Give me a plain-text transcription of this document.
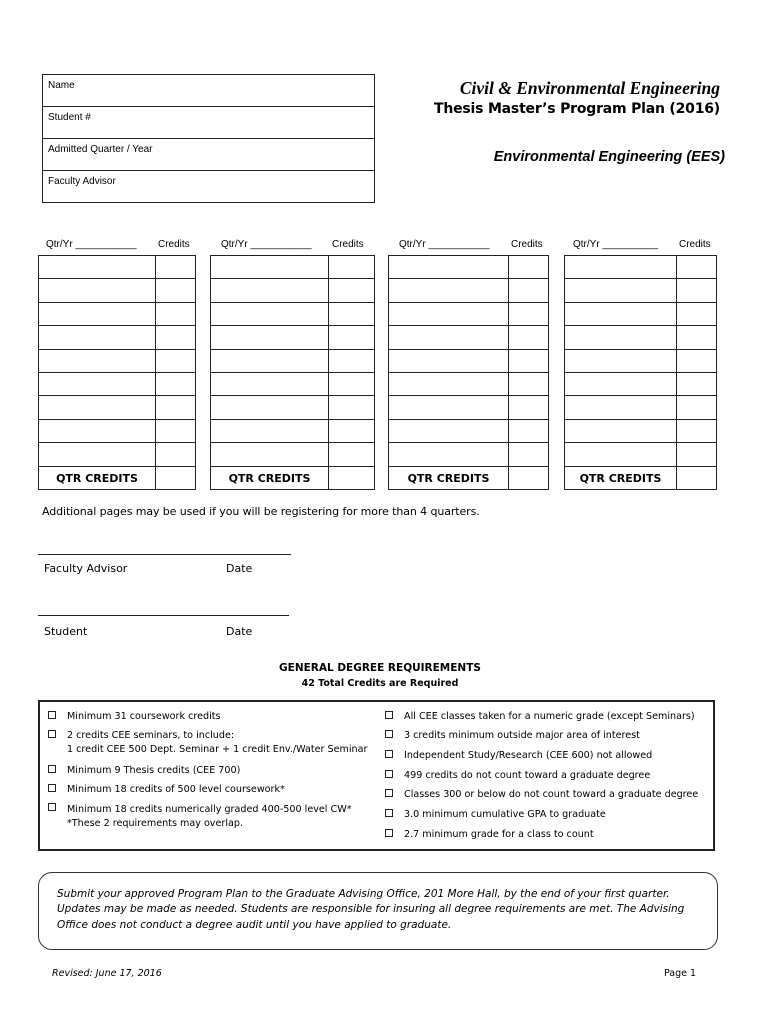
Name
Student #
Admitted Quarter / Year
Faculty Advisor
Civil & Environmental Engineering
Thesis Master’s Program Plan (2016)
Environmental Engineering (EES)
Qtr/Yr ___________ Credits
QTR CREDITS
Qtr/Yr ___________ Credits
QTR CREDITS
Qtr/Yr ___________ Credits
QTR CREDITS
Qtr/Yr __________ Credits
QTR CREDITS
Additional pages may be used if you will be registering for more than 4 quarters.
Faculty Advisor	Date
Student	Date
GENERAL DEGREE REQUIREMENTS
42 Total Credits are Required
Minimum 31 coursework credits
2 credits CEE seminars, to include:
1 credit CEE 500 Dept. Seminar + 1 credit Env./Water Seminar
Minimum 9 Thesis credits (CEE 700)
Minimum 18 credits of 500 level coursework*
Minimum 18 credits numerically graded 400-500 level CW*
*These 2 requirements may overlap.
All CEE classes taken for a numeric grade (except Seminars)
3 credits minimum outside major area of interest
Independent Study/Research (CEE 600) not allowed
499 credits do not count toward a graduate degree
Classes 300 or below do not count toward a graduate degree
3.0 minimum cumulative GPA to graduate
2.7 minimum grade for a class to count
Submit your approved Program Plan to the Graduate Advising Office, 201 More Hall, by the end of your first quarter. Updates may be made as needed. Students are responsible for insuring all degree requirements are met. The Advising Office does not conduct a degree audit until you have applied to graduate.
Revised: June 17, 2016	Page 1
